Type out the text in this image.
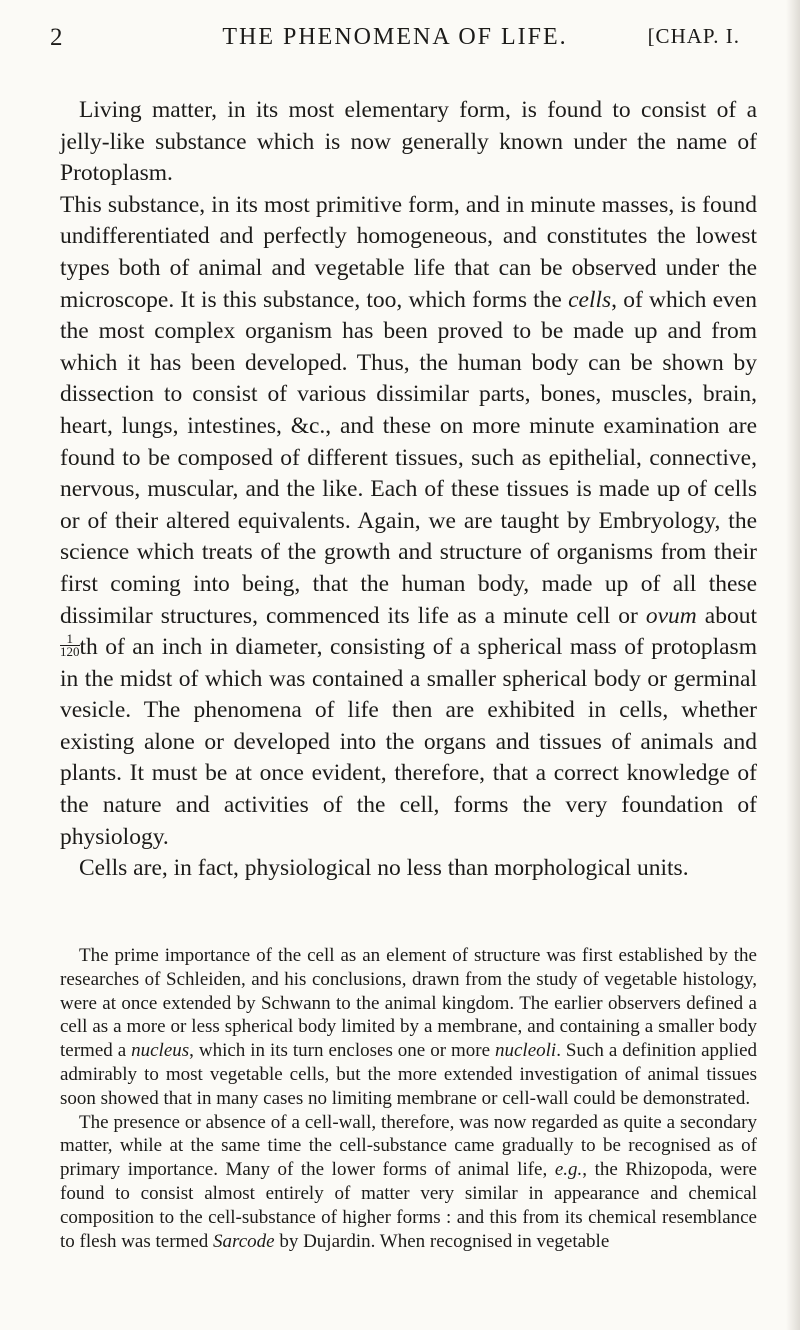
2	THE PHENOMENA OF LIFE.	[CHAP. I.

Living matter, in its most elementary form, is found to consist of a jelly-like substance which is now generally known under the name of Protoplasm.

This substance, in its most primitive form, and in minute masses, is found undifferentiated and perfectly homogeneous, and constitutes the lowest types both of animal and vegetable life that can be observed under the microscope. It is this substance, too, which forms the cells, of which even the most complex organism has been proved to be made up and from which it has been developed. Thus, the human body can be shown by dissection to consist of various dissimilar parts, bones, muscles, brain, heart, lungs, intestines, &c., and these on more minute examination are found to be composed of different tissues, such as epithelial, connective, nervous, muscular, and the like. Each of these tissues is made up of cells or of their altered equivalents. Again, we are taught by Embryology, the science which treats of the growth and structure of organisms from their first coming into being, that the human body, made up of all these dissimilar structures, commenced its life as a minute cell or ovum about
$\frac{1}{120}$ th of an inch in diameter, consisting of a spherical mass of protoplasm in the midst of which was contained a smaller spherical body or germinal vesicle. The phenomena of life then are exhibited in cells, whether existing alone or developed into the organs and tissues of animals and plants. It must be at once evident, therefore, that a correct knowledge of the nature and activities of the cell, forms the very foundation of physiology.

Cells are, in fact, physiological no less than morphological units.

The prime importance of the cell as an element of structure was first established by the researches of Schleiden, and his conclusions, drawn from the study of vegetable histology, were at once extended by Schwann to the animal kingdom. The earlier observers defined a cell as a more or less spherical body limited by a membrane, and containing a smaller body termed a nucleus, which in its turn encloses one or more nucleoli. Such a definition applied admirably to most vegetable cells, but the more extended investigation of animal tissues soon showed that in many cases no limiting membrane or cell-wall could be demonstrated.

The presence or absence of a cell-wall, therefore, was now regarded as quite a secondary matter, while at the same time the cell-substance came gradually to be recognised as of primary importance. Many of the lower forms of animal life, e.g., the Rhizopoda, were found to consist almost entirely of matter very similar in appearance and chemical composition to the cell-substance of higher forms : and this from its chemical resemblance to flesh was termed Sarcode by Dujardin. When recognised in vegetable
